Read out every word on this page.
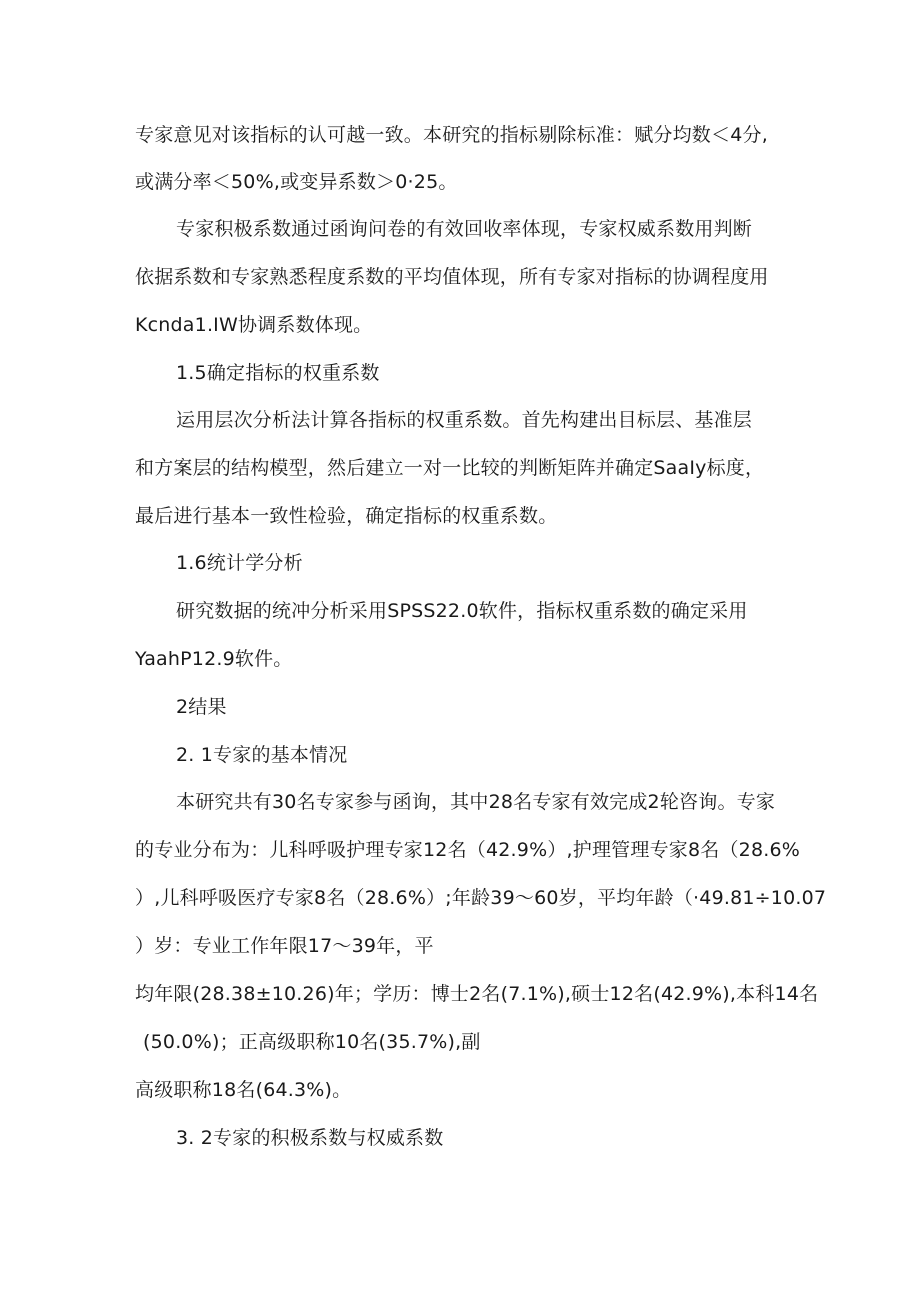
专家意见对该指标的认可越一致。本研究的指标剔除标准：赋分均数＜4分,
或满分率＜50%,或变异系数＞0·25。
专家积极系数通过函询问卷的有效回收率体现，专家权威系数用判断
依据系数和专家熟悉程度系数的平均值体现，所有专家对指标的协调程度用
Kcnda1.IW协调系数体现。
1.5确定指标的权重系数
运用层次分析法计算各指标的权重系数。首先构建出目标层、基准层
和方案层的结构模型，然后建立一对一比较的判断矩阵并确定SaaIy标度，
最后进行基本一致性检验，确定指标的权重系数。
1.6统计学分析
研究数据的统冲分析采用SPSS22.0软件，指标权重系数的确定采用
YaahP12.9软件。
2结果
2. 1专家的基本情况
本研究共有30名专家参与函询，其中28名专家有效完成2轮咨询。专家
的专业分布为：儿科呼吸护理专家12名（42.9%）,护理管理专家8名（28.6%
）,儿科呼吸医疗专家8名（28.6%）;年龄39〜60岁，平均年龄（·49.81÷10.07
）岁：专业工作年限17〜39年，平
均年限(28.38±10.26)年；学历：博士2名(7.1%),硕士12名(42.9%),本科14名
(50.0%)；正高级职称10名(35.7%),副
高级职称18名(64.3%)。
3. 2专家的积极系数与权威系数
